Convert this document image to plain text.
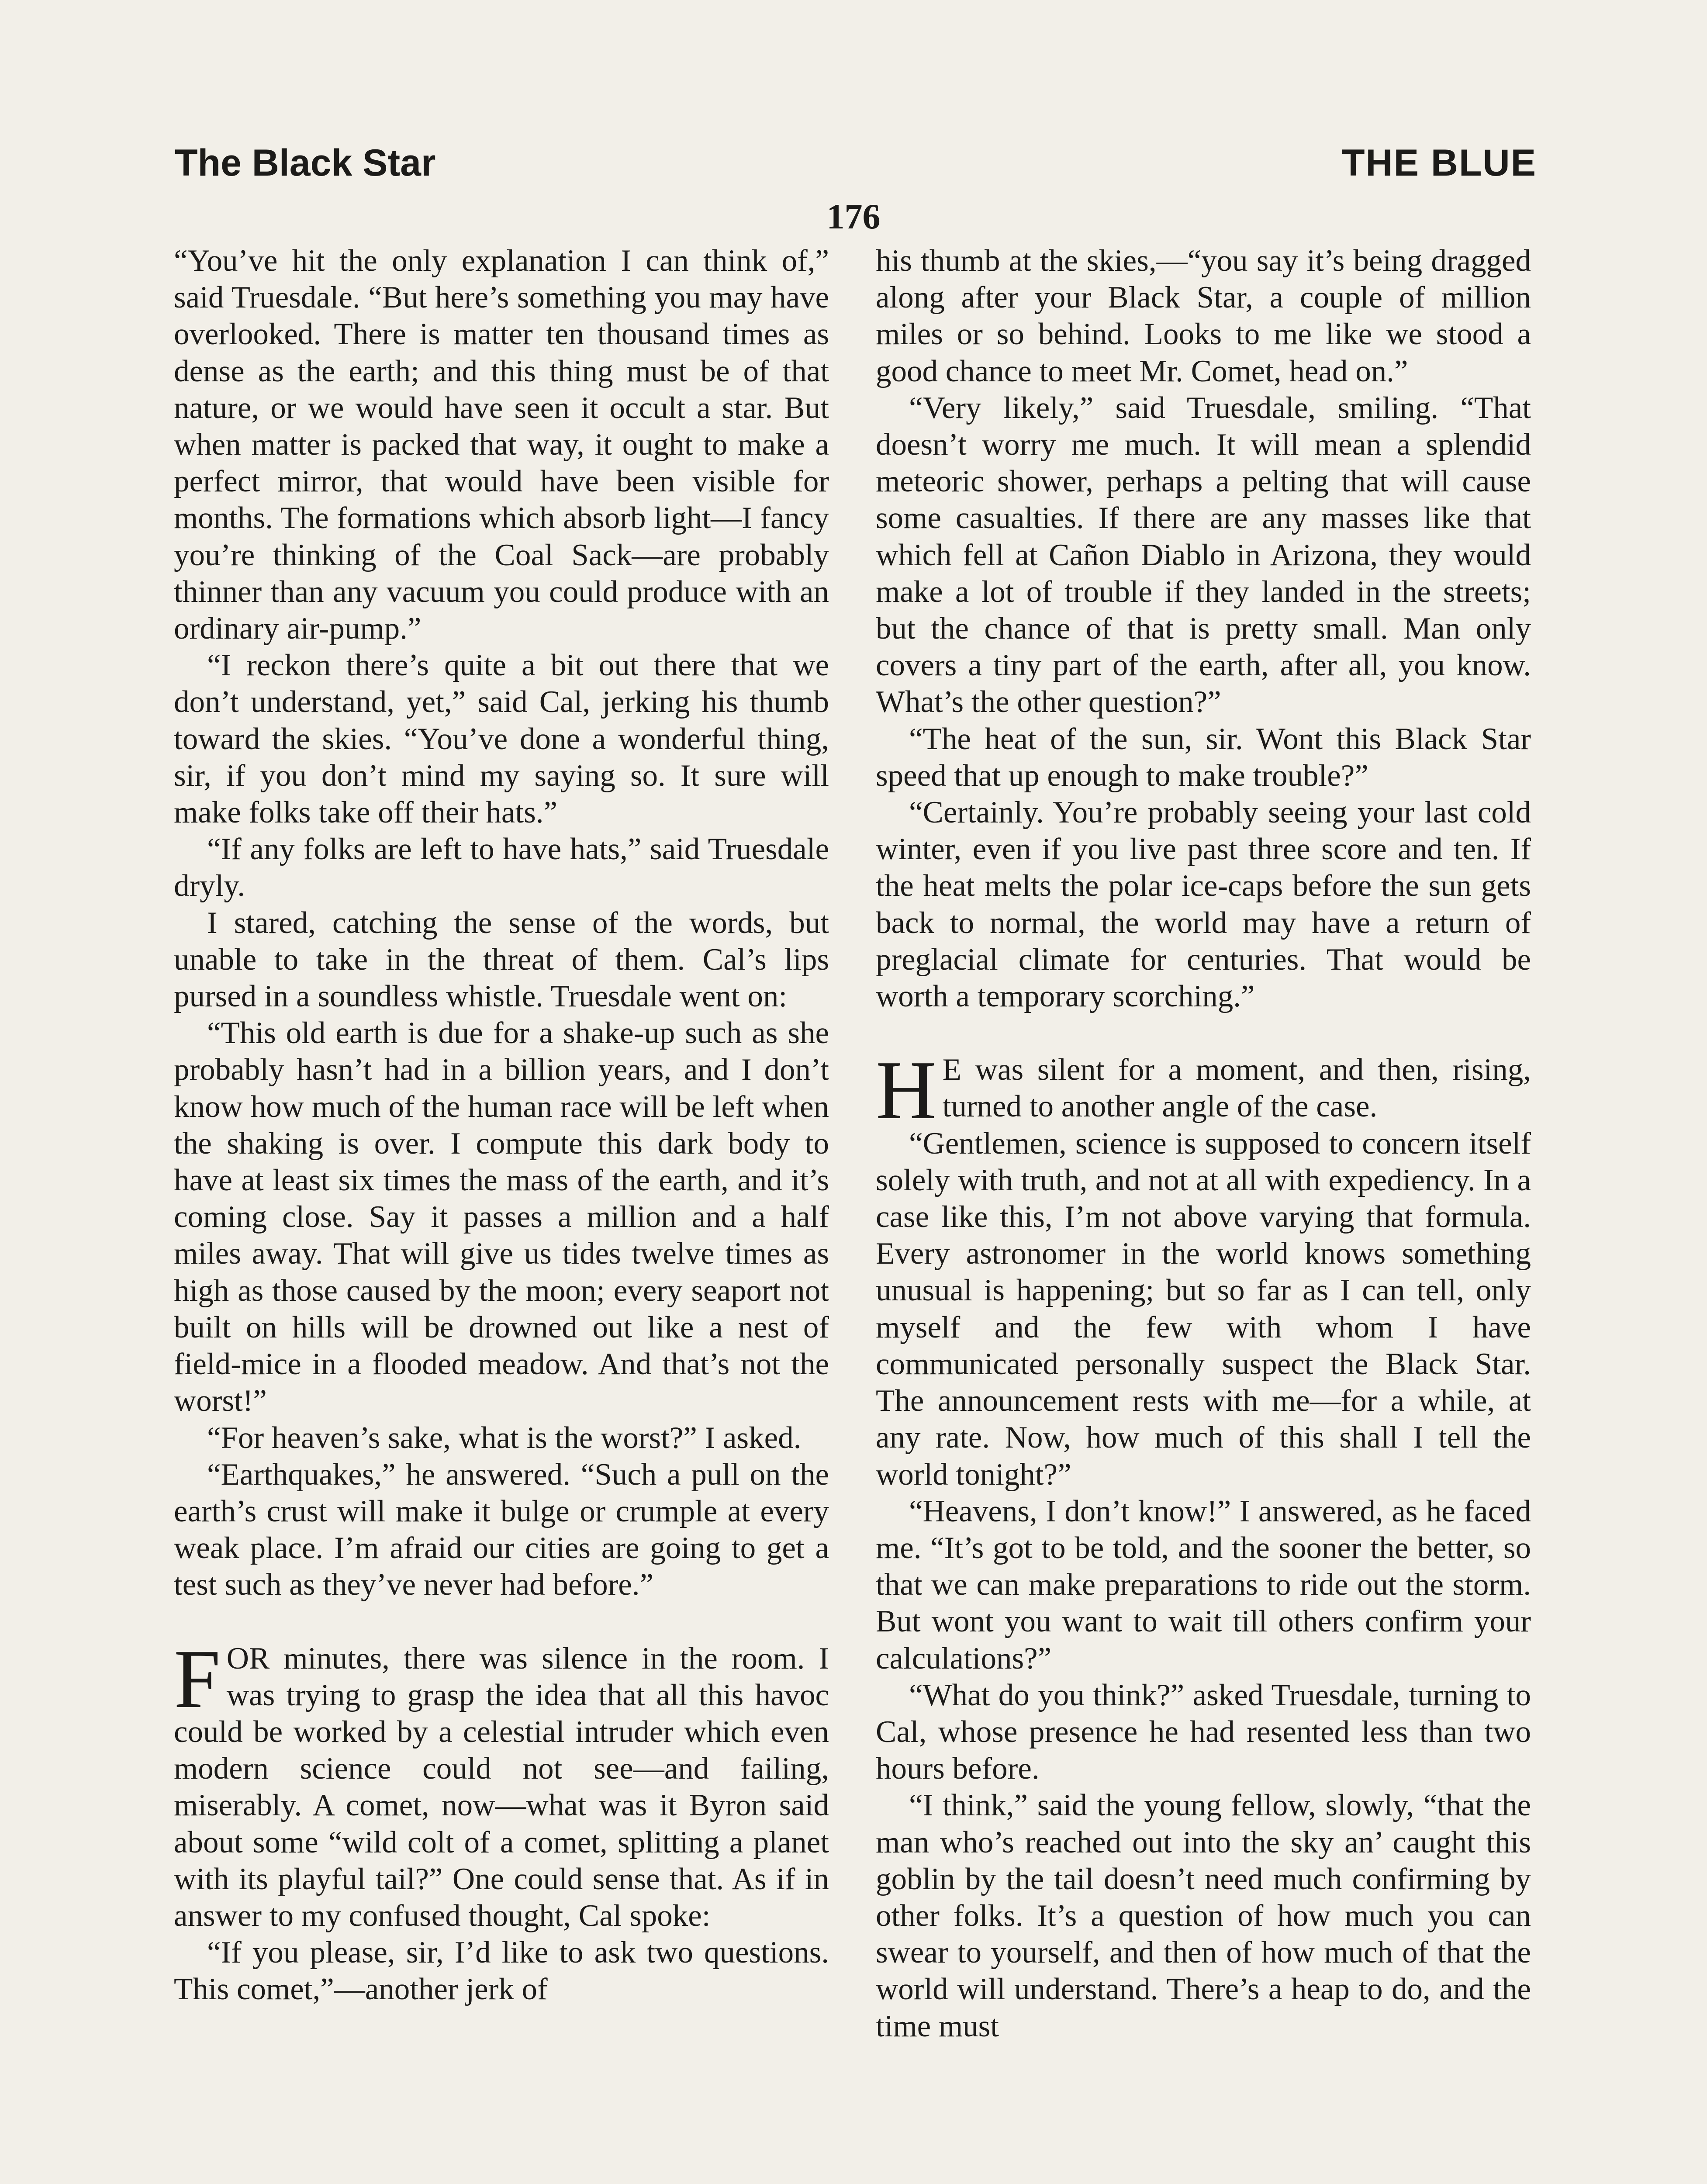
The Black Star	THE BLUE
176

“You’ve hit the only explanation I can think of,” said Truesdale. “But here’s something you may have overlooked. There is matter ten thousand times as dense as the earth; and this thing must be of that nature, or we would have seen it occult a star. But when matter is packed that way, it ought to make a perfect mirror, that would have been visible for months. The formations which absorb light—I fancy you’re thinking of the Coal Sack—are probably thinner than any vacuum you could produce with an ordinary air-pump.”

“I reckon there’s quite a bit out there that we don’t understand, yet,” said Cal, jerking his thumb toward the skies. “You’ve done a wonderful thing, sir, if you don’t mind my saying so. It sure will make folks take off their hats.”

“If any folks are left to have hats,” said Truesdale dryly.

I stared, catching the sense of the words, but unable to take in the threat of them. Cal’s lips pursed in a soundless whistle. Truesdale went on:

“This old earth is due for a shake-up such as she probably hasn’t had in a billion years, and I don’t know how much of the human race will be left when the shaking is over. I compute this dark body to have at least six times the mass of the earth, and it’s coming close. Say it passes a million and a half miles away. That will give us tides twelve times as high as those caused by the moon; every seaport not built on hills will be drowned out like a nest of field-mice in a flooded meadow. And that’s not the worst!”

“For heaven’s sake, what is the worst?” I asked.

“Earthquakes,” he answered. “Such a pull on the earth’s crust will make it bulge or crumple at every weak place. I’m afraid our cities are going to get a test such as they’ve never had before.”

FOR minutes, there was silence in the room. I was trying to grasp the idea that all this havoc could be worked by a celestial intruder which even modern science could not see—and failing, miserably. A comet, now—what was it Byron said about some “wild colt of a comet, splitting a planet with its playful tail?” One could sense that. As if in answer to my confused thought, Cal spoke:

“If you please, sir, I’d like to ask two questions. This comet,”—another jerk of

his thumb at the skies,—“you say it’s being dragged along after your Black Star, a couple of million miles or so behind. Looks to me like we stood a good chance to meet Mr. Comet, head on.”

“Very likely,” said Truesdale, smiling. “That doesn’t worry me much. It will mean a splendid meteoric shower, perhaps a pelting that will cause some casualties. If there are any masses like that which fell at Cañon Diablo in Arizona, they would make a lot of trouble if they landed in the streets; but the chance of that is pretty small. Man only covers a tiny part of the earth, after all, you know. What’s the other question?”

“The heat of the sun, sir. Wont this Black Star speed that up enough to make trouble?”

“Certainly. You’re probably seeing your last cold winter, even if you live past three score and ten. If the heat melts the polar ice-caps before the sun gets back to normal, the world may have a return of preglacial climate for centuries. That would be worth a temporary scorching.”

H E was silent for a moment, and then, rising, turned to another angle of the case.

“Gentlemen, science is supposed to concern itself solely with truth, and not at all with expediency. In a case like this, I’m not above varying that formula. Every astronomer in the world knows something unusual is happening; but so far as I can tell, only myself and the few with whom I have communicated personally suspect the Black Star. The announcement rests with me—for a while, at any rate. Now, how much of this shall I tell the world tonight?”

“Heavens, I don’t know!” I answered, as he faced me. “It’s got to be told, and the sooner the better, so that we can make preparations to ride out the storm. But wont you want to wait till others confirm your calculations?”

“What do you think?” asked Truesdale, turning to Cal, whose presence he had resented less than two hours before.

“I think,” said the young fellow, slowly, “that the man who’s reached out into the sky an’ caught this goblin by the tail doesn’t need much confirming by other folks. It’s a question of how much you can swear to yourself, and then of how much of that the world will understand. There’s a heap to do, and the time must
